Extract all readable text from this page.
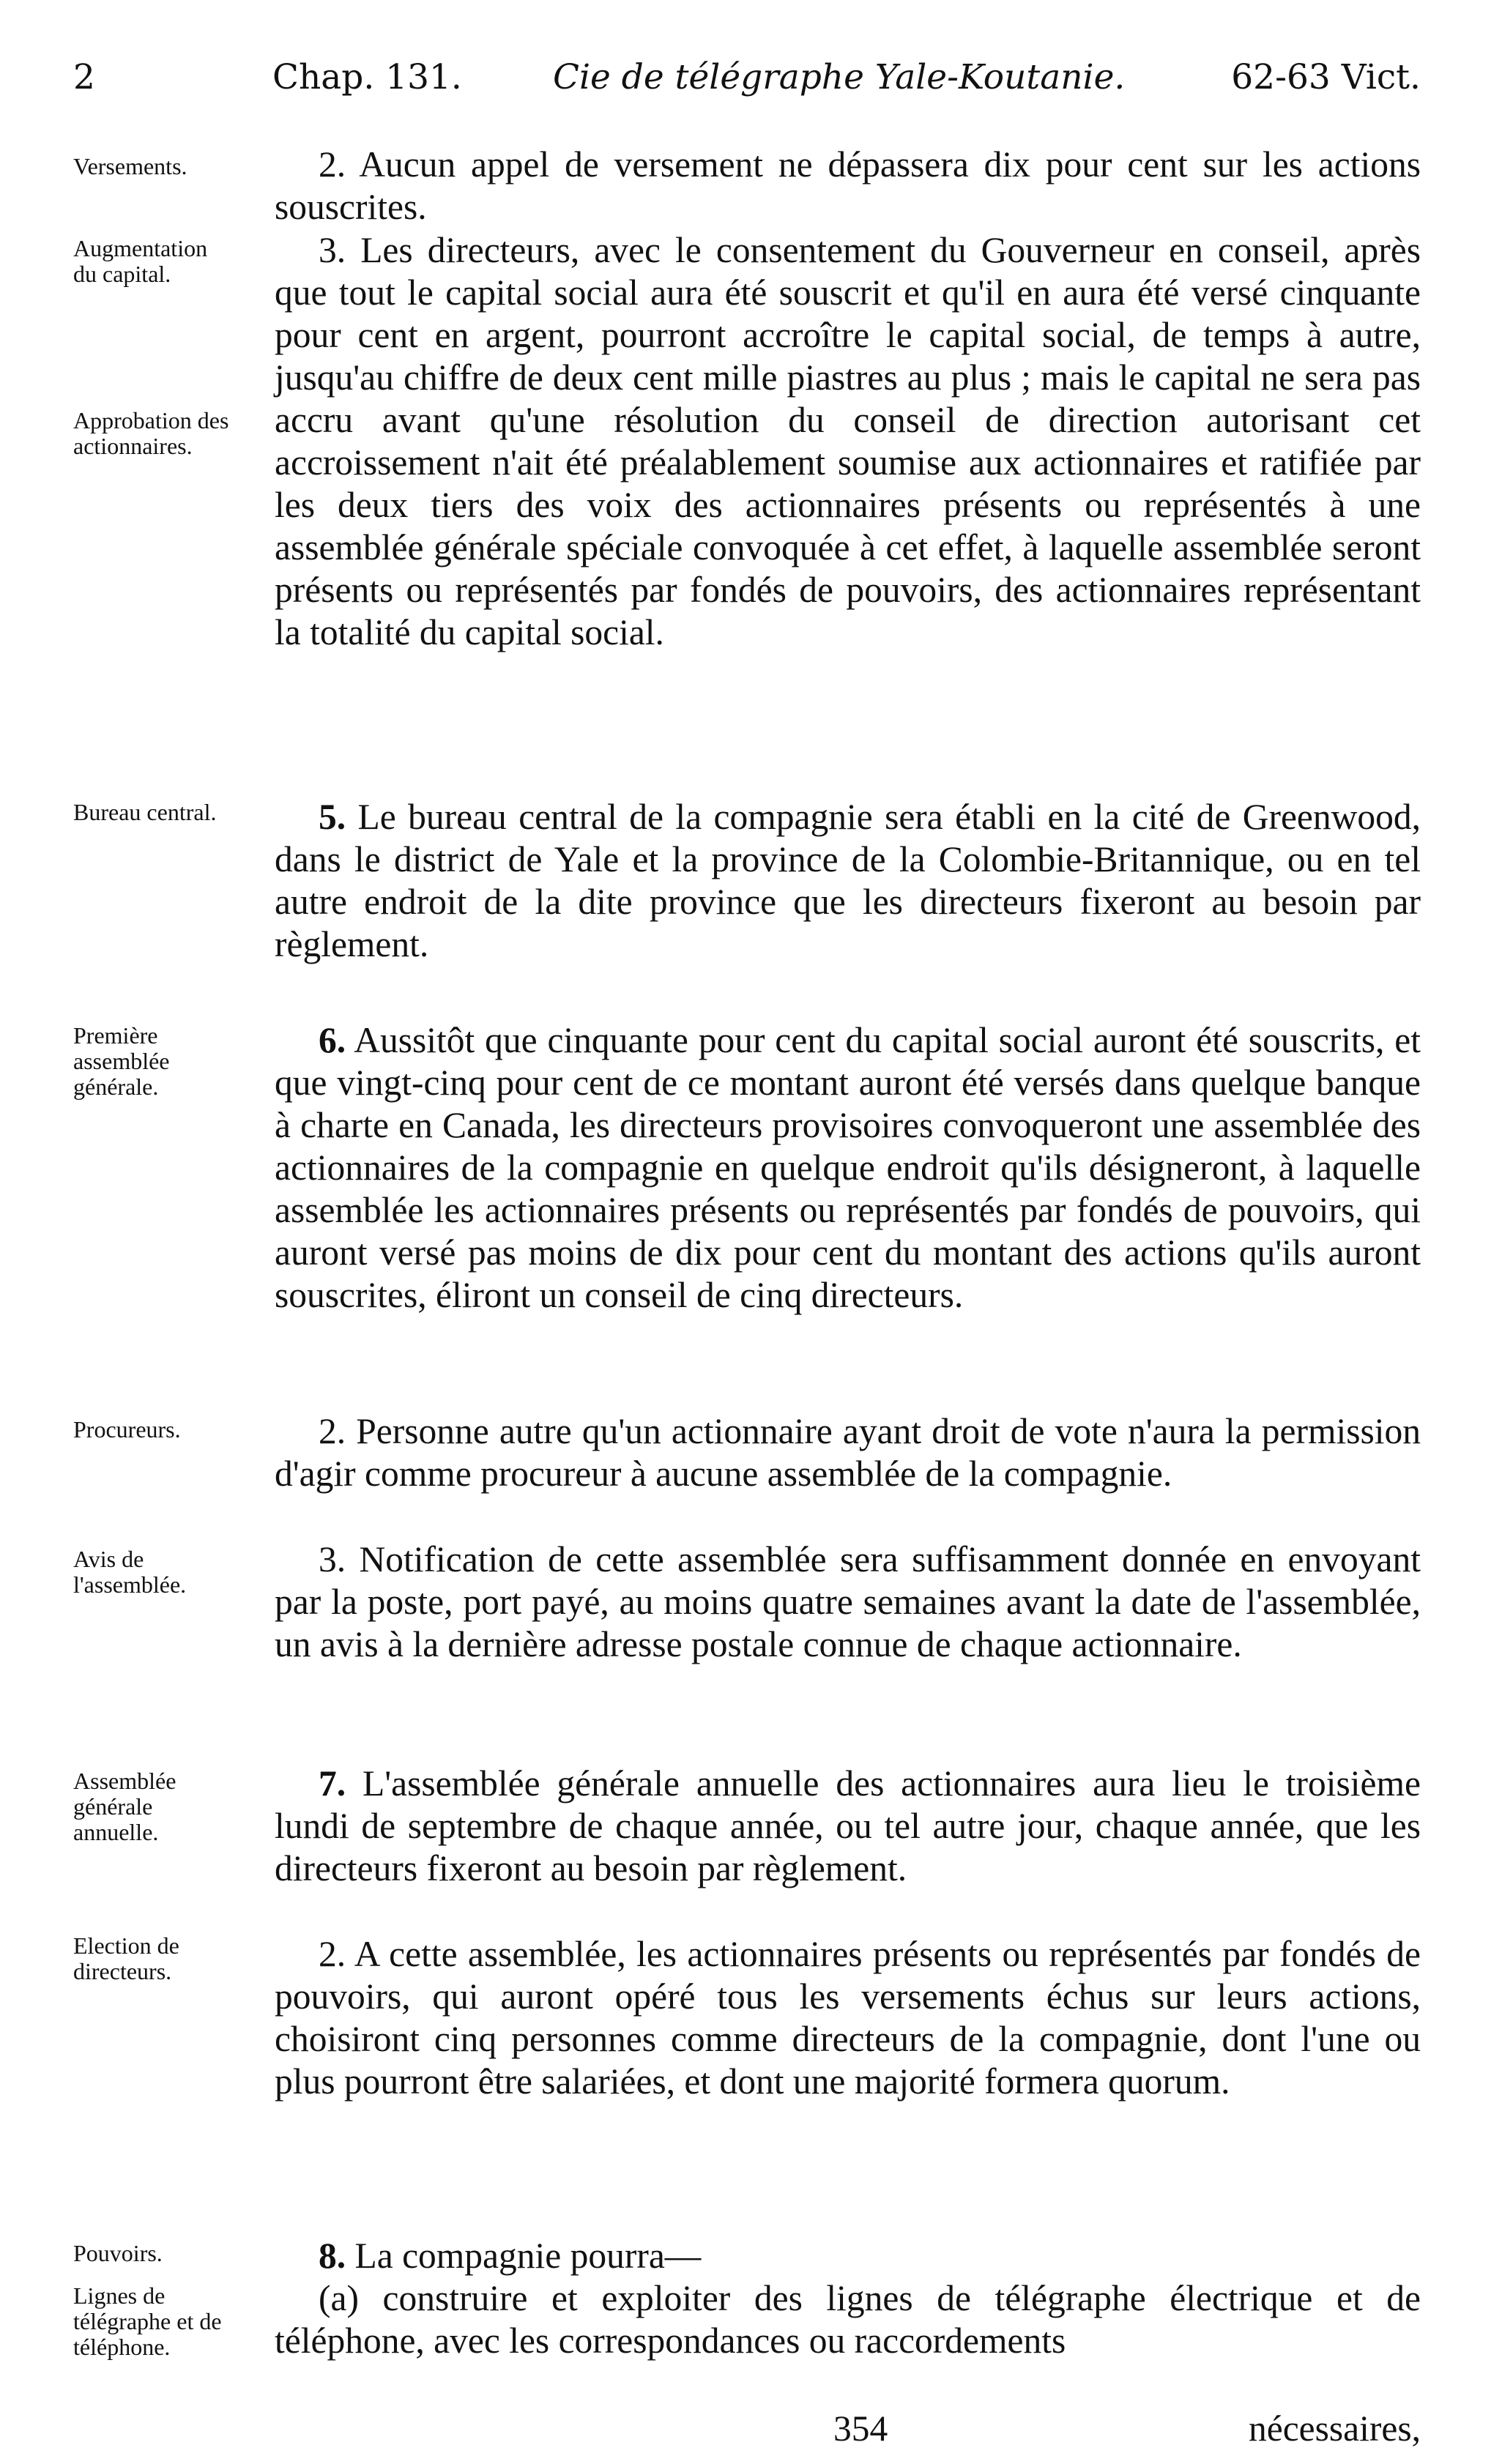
2	Chap. 131.	Cie de télégraphe Yale-Koutanie.	62-63 Vict.
Versements.
Augmentation du capital.
Approbation des actionnaires.
Bureau central.
Première assemblée générale.
Procureurs.
Avis de l'assemblée.
Assemblée générale annuelle.
Election de directeurs.
Pouvoirs.
Lignes de télégraphe et de téléphone.

2. Aucun appel de versement ne dépassera dix pour cent sur les actions souscrites.

3. Les directeurs, avec le consentement du Gouverneur en conseil, après que tout le capital social aura été souscrit et qu'il en aura été versé cinquante pour cent en argent, pourront accroître le capital social, de temps à autre, jusqu'au chiffre de deux cent mille piastres au plus ; mais le capital ne sera pas accru avant qu'une résolution du conseil de direction autorisant cet accroissement n'ait été préalablement soumise aux actionnaires et ratifiée par les deux tiers des voix des actionnaires présents ou représentés à une assemblée générale spéciale convoquée à cet effet, à laquelle assemblée seront présents ou représentés par fondés de pouvoirs, des actionnaires représentant la totalité du capital social.

5. Le bureau central de la compagnie sera établi en la cité de Greenwood, dans le district de Yale et la province de la Colombie-Britannique, ou en tel autre endroit de la dite province que les directeurs fixeront au besoin par règlement.

6. Aussitôt que cinquante pour cent du capital social auront été souscrits, et que vingt-cinq pour cent de ce montant auront été versés dans quelque banque à charte en Canada, les directeurs provisoires convoqueront une assemblée des actionnaires de la compagnie en quelque endroit qu'ils désigneront, à laquelle assemblée les actionnaires présents ou représentés par fondés de pouvoirs, qui auront versé pas moins de dix pour cent du montant des actions qu'ils auront souscrites, éliront un conseil de cinq directeurs.

2. Personne autre qu'un actionnaire ayant droit de vote n'aura la permission d'agir comme procureur à aucune assemblée de la compagnie.

3. Notification de cette assemblée sera suffisamment donnée en envoyant par la poste, port payé, au moins quatre semaines avant la date de l'assemblée, un avis à la dernière adresse postale connue de chaque actionnaire.

7. L'assemblée générale annuelle des actionnaires aura lieu le troisième lundi de septembre de chaque année, ou tel autre jour, chaque année, que les directeurs fixeront au besoin par règlement.

2. A cette assemblée, les actionnaires présents ou représentés par fondés de pouvoirs, qui auront opéré tous les versements échus sur leurs actions, choisiront cinq personnes comme directeurs de la compagnie, dont l'une ou plus pourront être salariées, et dont une majorité formera quorum.

8. La compagnie pourra—

(a) construire et exploiter des lignes de télégraphe électrique et de téléphone, avec les correspondances ou raccordements

354	nécessaires,
